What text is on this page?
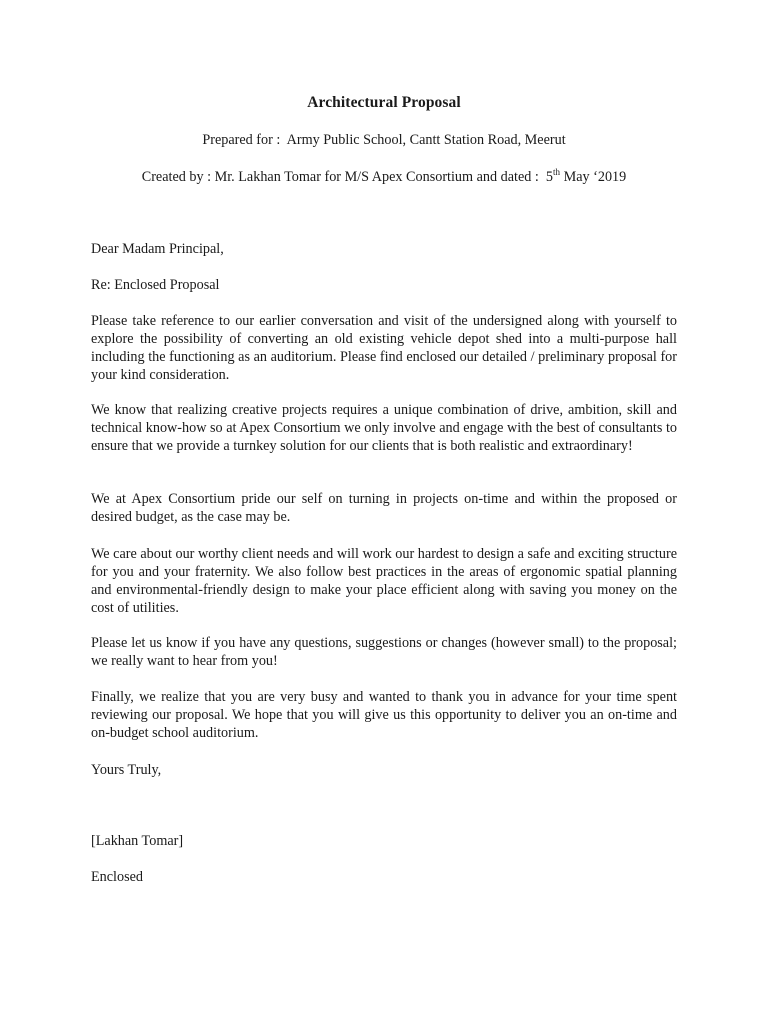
Architectural Proposal
Prepared for :  Army Public School, Cantt Station Road, Meerut
Created by : Mr. Lakhan Tomar for M/S Apex Consortium and dated :  5th May ‘2019
Dear Madam Principal,
Re: Enclosed Proposal
Please take reference to our earlier conversation and visit of the undersigned along with yourself to explore the possibility of converting an old existing vehicle depot shed into a multi-purpose hall including the functioning as an auditorium. Please find enclosed our detailed / preliminary proposal for your kind consideration.
We know that realizing creative projects requires a unique combination of drive, ambition, skill and technical know-how so at Apex Consortium we only involve and engage with the best of consultants to ensure that we provide a turnkey solution for our clients that is both realistic and extraordinary!
We at Apex Consortium pride our self on turning in projects on-time and within the proposed or desired budget, as the case may be.
We care about our worthy client needs and will work our hardest to design a safe and exciting structure for you and your fraternity. We also follow best practices in the areas of ergonomic spatial planning and environmental-friendly design to make your place efficient along with saving you money on the cost of utilities.
Please let us know if you have any questions, suggestions or changes (however small) to the proposal; we really want to hear from you!
Finally, we realize that you are very busy and wanted to thank you in advance for your time spent reviewing our proposal. We hope that you will give us this opportunity to deliver you an on-time and on-budget school auditorium.
Yours Truly,
[Lakhan Tomar]
Enclosed
